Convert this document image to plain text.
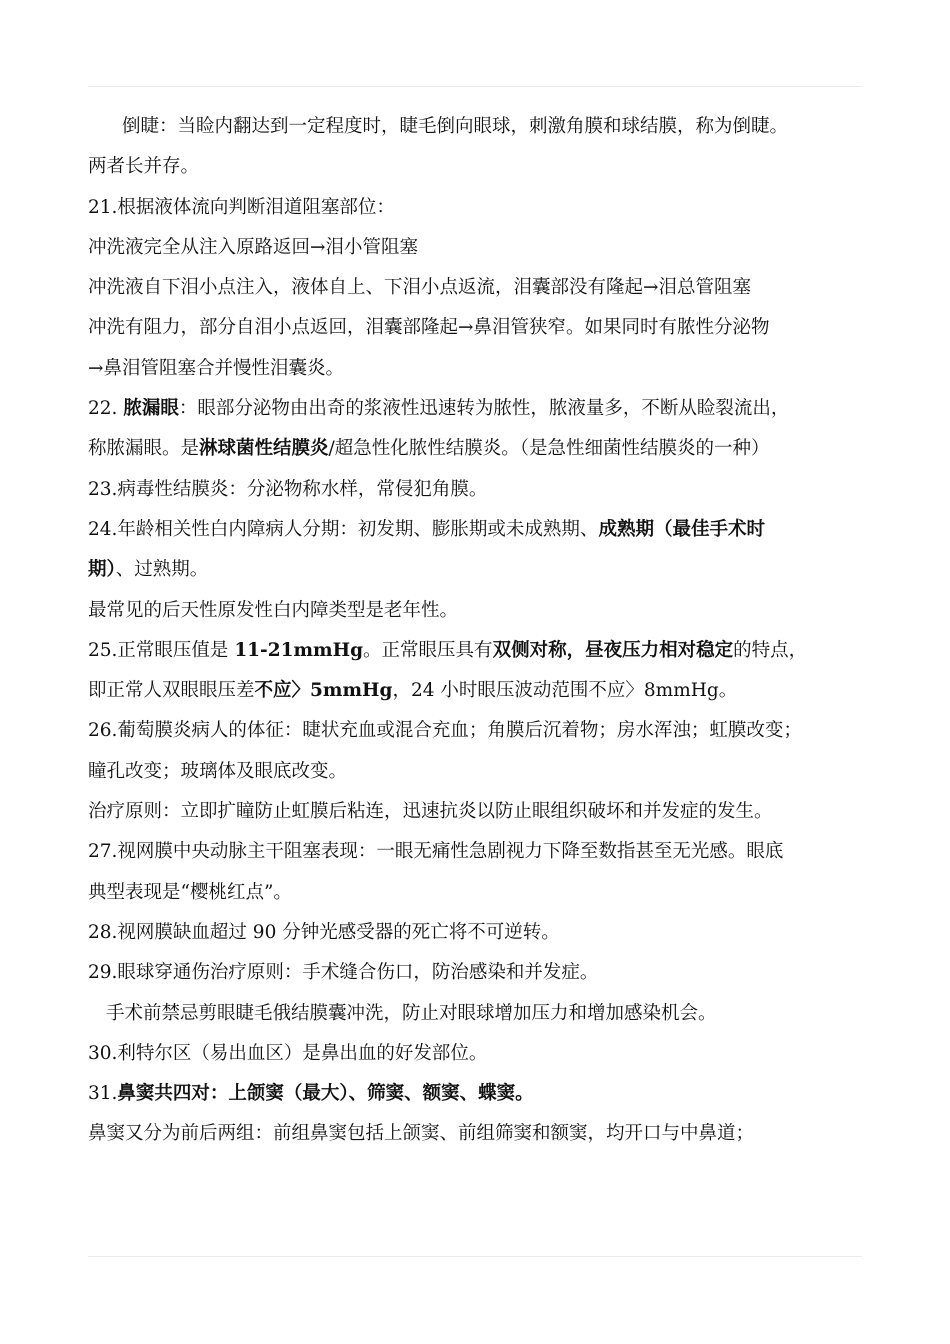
倒睫：当睑内翻达到一定程度时，睫毛倒向眼球，刺激角膜和球结膜，称为倒睫。
两者长并存。
21.根据液体流向判断泪道阻塞部位：
冲洗液完全从注入原路返回→泪小管阻塞
冲洗液自下泪小点注入，液体自上、下泪小点返流，泪囊部没有隆起→泪总管阻塞
冲洗有阻力，部分自泪小点返回，泪囊部隆起→鼻泪管狭窄。如果同时有脓性分泌物
→鼻泪管阻塞合并慢性泪囊炎。
22. 脓漏眼：眼部分泌物由出奇的浆液性迅速转为脓性，脓液量多，不断从睑裂流出，
称脓漏眼。是淋球菌性结膜炎/超急性化脓性结膜炎。（是急性细菌性结膜炎的一种）
23.病毒性结膜炎：分泌物称水样，常侵犯角膜。
24.年龄相关性白内障病人分期：初发期、膨胀期或未成熟期、成熟期（最佳手术时
期）、过熟期。
最常见的后天性原发性白内障类型是老年性。
25.正常眼压值是 11-21mmHg。正常眼压具有双侧对称，昼夜压力相对稳定的特点，
即正常人双眼眼压差不应〉5mmHg，24 小时眼压波动范围不应〉8mmHg。
26.葡萄膜炎病人的体征：睫状充血或混合充血；角膜后沉着物；房水浑浊；虹膜改变；
瞳孔改变；玻璃体及眼底改变。
治疗原则：立即扩瞳防止虹膜后粘连，迅速抗炎以防止眼组织破坏和并发症的发生。
27.视网膜中央动脉主干阻塞表现：一眼无痛性急剧视力下降至数指甚至无光感。眼底
典型表现是“樱桃红点”。
28.视网膜缺血超过 90 分钟光感受器的死亡将不可逆转。
29.眼球穿通伤治疗原则：手术缝合伤口，防治感染和并发症。
手术前禁忌剪眼睫毛俄结膜囊冲洗，防止对眼球增加压力和增加感染机会。
30.利特尔区（易出血区）是鼻出血的好发部位。
31.鼻窦共四对：上颌窦（最大）、筛窦、额窦、蝶窦。
鼻窦又分为前后两组：前组鼻窦包括上颌窦、前组筛窦和额窦，均开口与中鼻道；
